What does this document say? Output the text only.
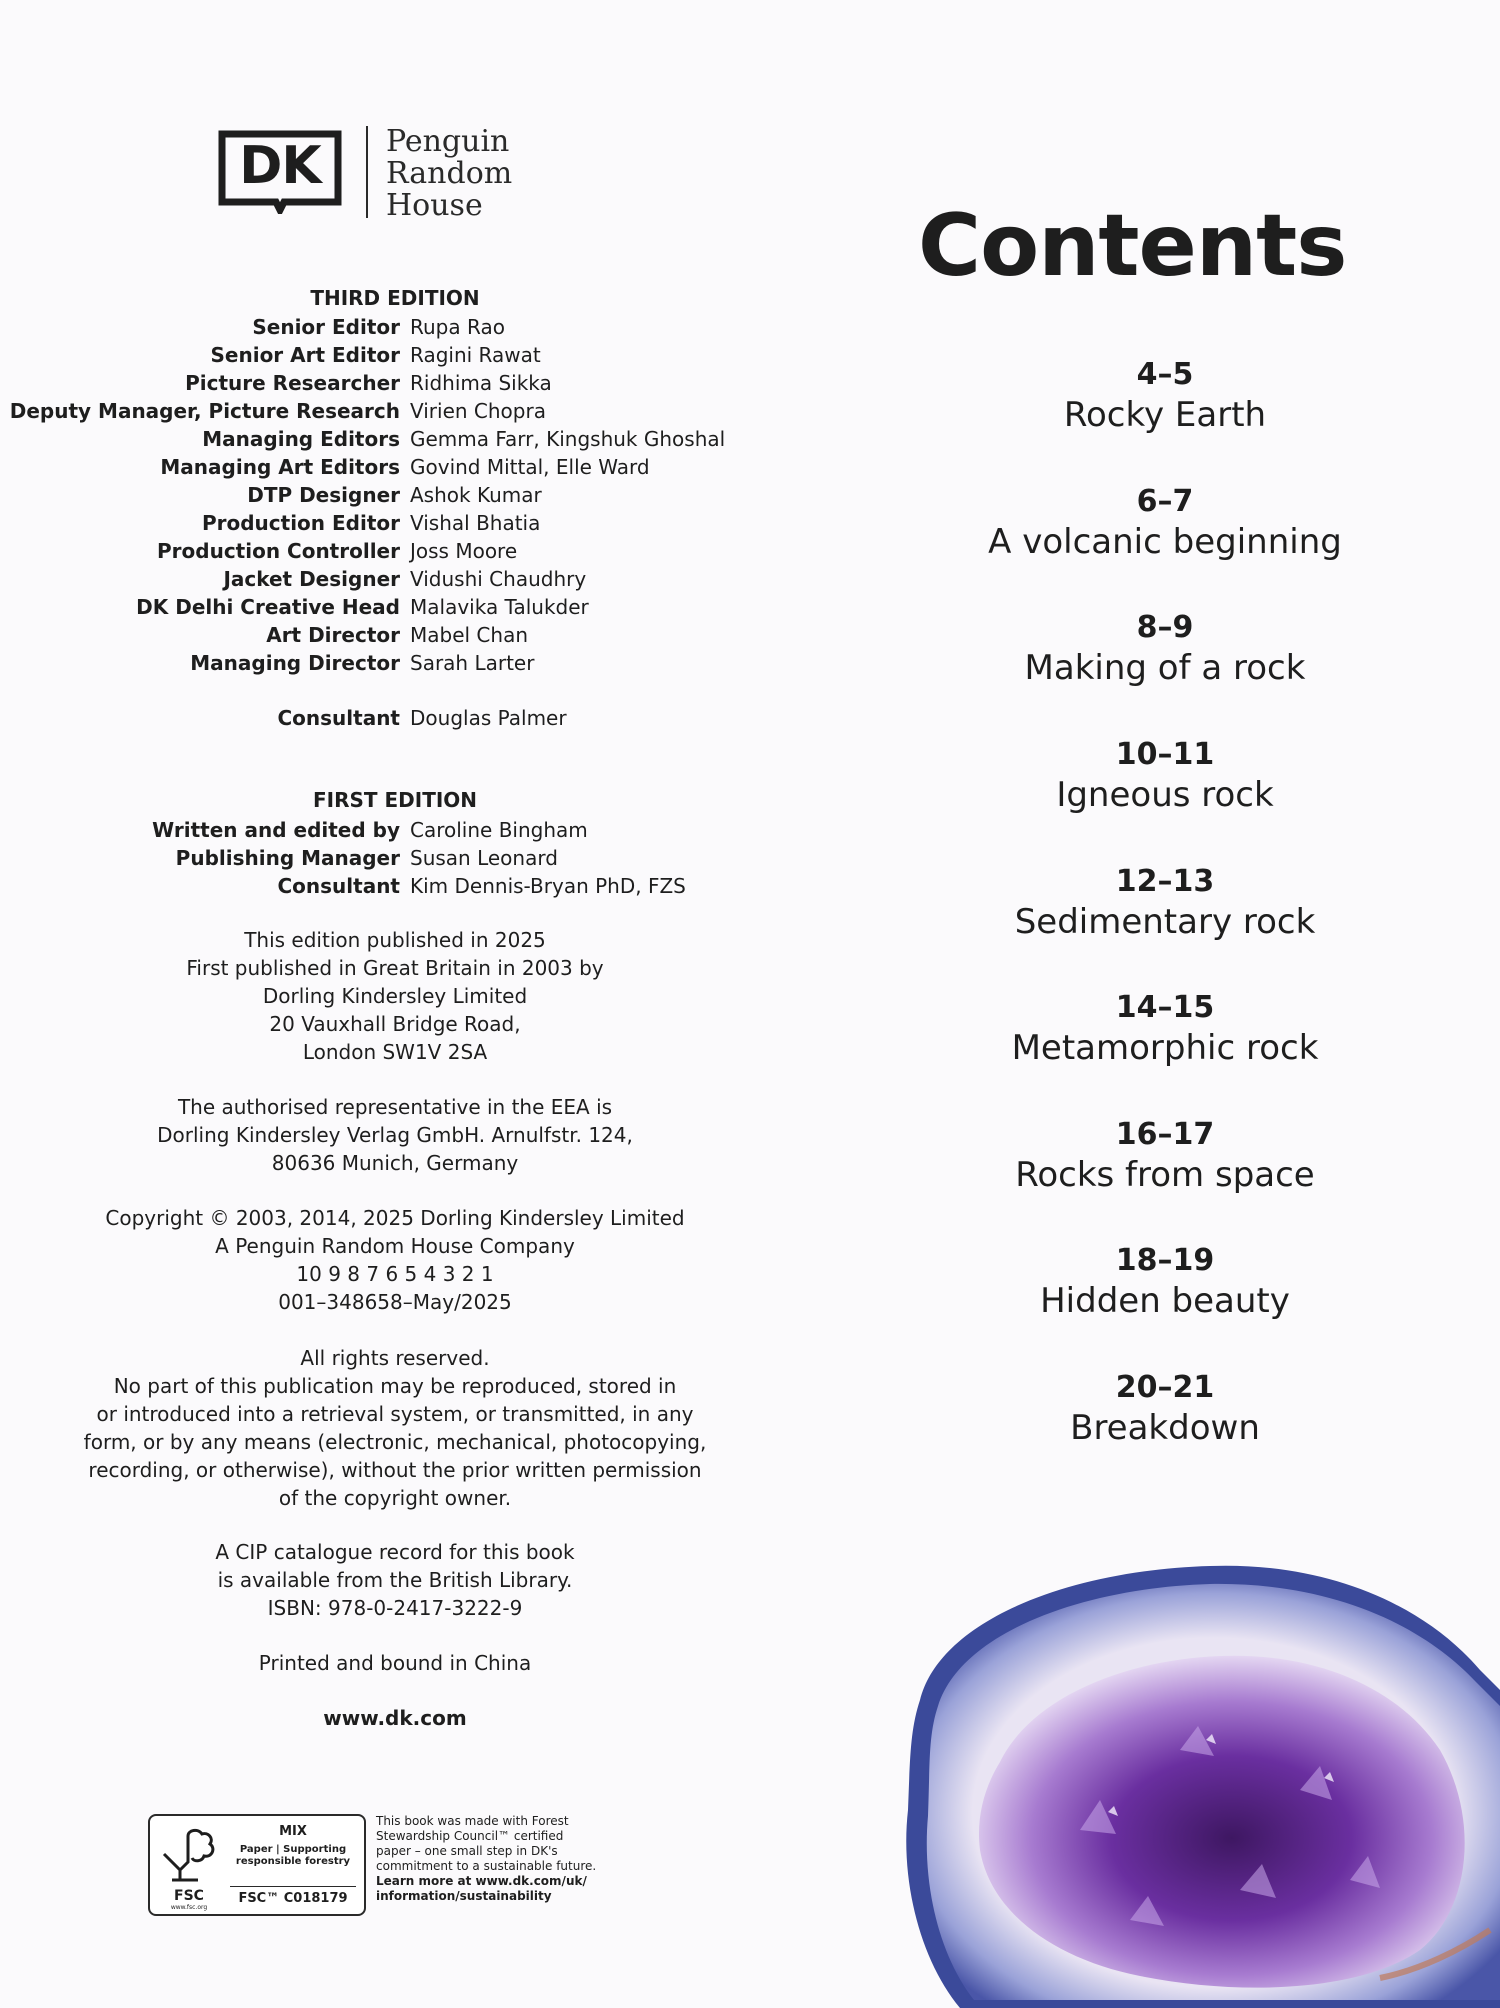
DK	Penguin
Random
House
THIRD EDITION
Senior Editor Rupa Rao
Senior Art Editor Ragini Rawat
Picture Researcher Ridhima Sikka
Deputy Manager, Picture Research Virien Chopra
Managing Editors Gemma Farr, Kingshuk Ghoshal
Managing Art Editors Govind Mittal, Elle Ward
DTP Designer Ashok Kumar
Production Editor Vishal Bhatia
Production Controller Joss Moore
Jacket Designer Vidushi Chaudhry
DK Delhi Creative Head Malavika Talukder
Art Director Mabel Chan
Managing Director Sarah Larter
Consultant Douglas Palmer
FIRST EDITION
Written and edited by Caroline Bingham
Publishing Manager Susan Leonard
Consultant Kim Dennis-Bryan PhD, FZS
This edition published in 2025
First published in Great Britain in 2003 by
Dorling Kindersley Limited
20 Vauxhall Bridge Road,
London SW1V 2SA
The authorised representative in the EEA is
Dorling Kindersley Verlag GmbH. Arnulfstr. 124,
80636 Munich, Germany
Copyright © 2003, 2014, 2025 Dorling Kindersley Limited
A Penguin Random House Company
10 9 8 7 6 5 4 3 2 1
001–348658–May/2025
All rights reserved.
No part of this publication may be reproduced, stored in
or introduced into a retrieval system, or transmitted, in any
form, or by any means (electronic, mechanical, photocopying,
recording, or otherwise), without the prior written permission
of the copyright owner.
A CIP catalogue record for this book
is available from the British Library.
ISBN: 978-0-2417-3222-9
Printed and bound in China
www.dk.com
FSC
www.fsc.org
MIX
Paper | Supporting
responsible forestry
FSC™ C018179
This book was made with Forest
Stewardship Council™ certified
paper – one small step in DK's
commitment to a sustainable future.
Learn more at www.dk.com/uk/
information/sustainability
Contents
4–5
Rocky Earth
6–7
A volcanic beginning
8–9
Making of a rock
10–11
Igneous rock
12–13
Sedimentary rock
14–15
Metamorphic rock
16–17
Rocks from space
18–19
Hidden beauty
20–21
Breakdown
